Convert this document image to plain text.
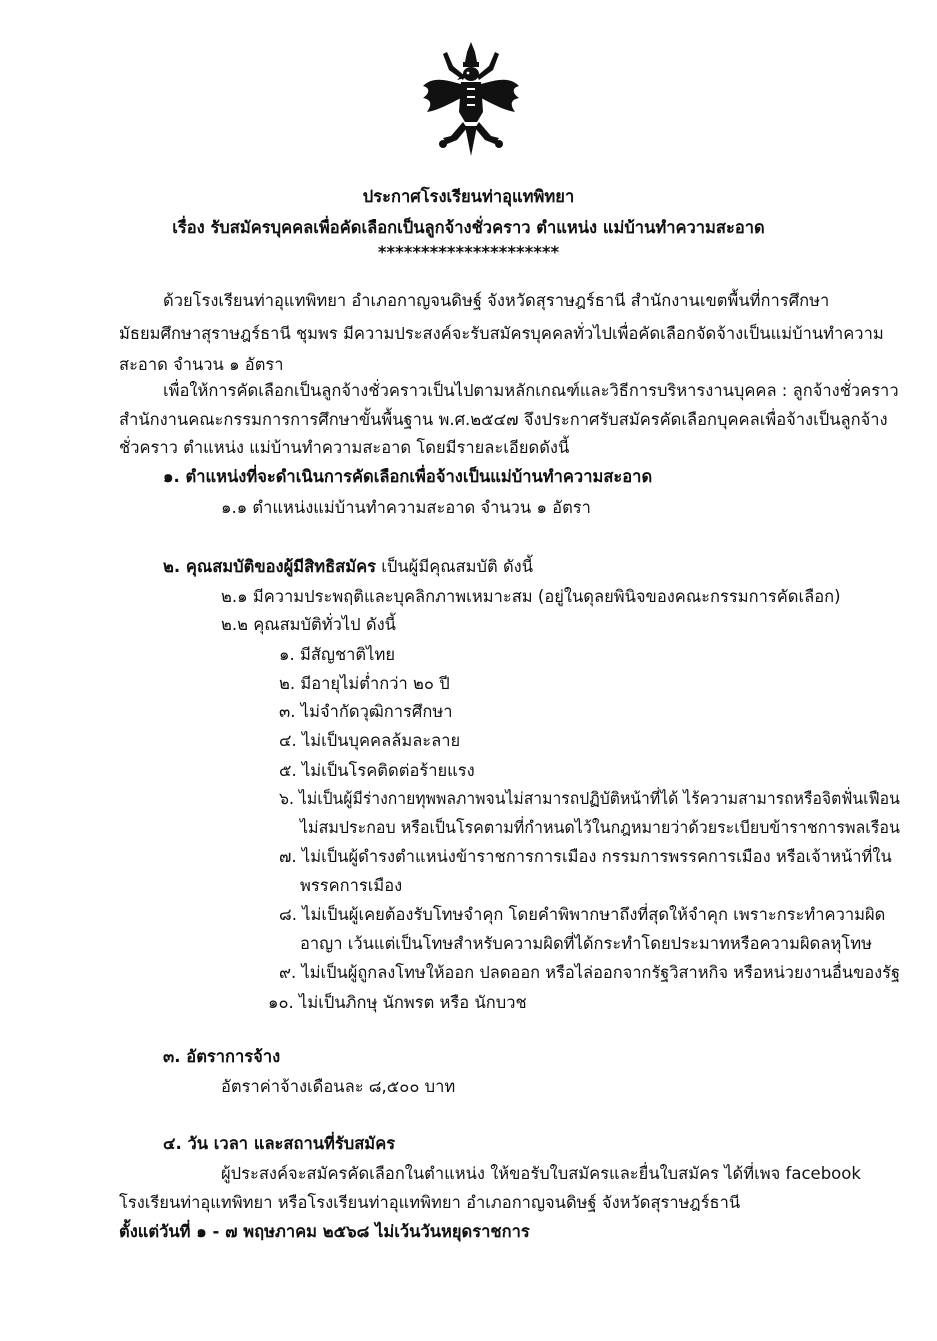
ประกาศโรงเรียนท่าอุแทพิทยา
เรื่อง รับสมัครบุคคลเพื่อคัดเลือกเป็นลูกจ้างชั่วคราว ตำแหน่ง แม่บ้านทำความสะอาด
*********************
ด้วยโรงเรียนท่าอุแทพิทยา อำเภอกาญจนดิษฐ์ จังหวัดสุราษฎร์ธานี สำนักงานเขตพื้นที่การศึกษา
มัธยมศึกษาสุราษฎร์ธานี ชุมพร มีความประสงค์จะรับสมัครบุคคลทั่วไปเพื่อคัดเลือกจัดจ้างเป็นแม่บ้านทำความ
สะอาด จำนวน ๑ อัตรา
เพื่อให้การคัดเลือกเป็นลูกจ้างชั่วคราวเป็นไปตามหลักเกณฑ์และวิธีการบริหารงานบุคคล : ลูกจ้างชั่วคราว
สำนักงานคณะกรรมการการศึกษาขั้นพื้นฐาน พ.ศ.๒๕๔๗ จึงประกาศรับสมัครคัดเลือกบุคคลเพื่อจ้างเป็นลูกจ้าง
ชั่วคราว ตำแหน่ง แม่บ้านทำความสะอาด โดยมีรายละเอียดดังนี้
๑. ตำแหน่งที่จะดำเนินการคัดเลือกเพื่อจ้างเป็นแม่บ้านทำความสะอาด
๑.๑ ตำแหน่งแม่บ้านทำความสะอาด จำนวน ๑ อัตรา
๒. คุณสมบัติของผู้มีสิทธิสมัคร เป็นผู้มีคุณสมบัติ ดังนี้
๒.๑ มีความประพฤติและบุคลิกภาพเหมาะสม (อยู่ในดุลยพินิจของคณะกรรมการคัดเลือก)
๒.๒ คุณสมบัติทั่วไป ดังนี้
๑. มีสัญชาติไทย
๒. มีอายุไม่ต่ำกว่า ๒๐ ปี
๓. ไม่จำกัดวุฒิการศึกษา
๔. ไม่เป็นบุคคลล้มละลาย
๕. ไม่เป็นโรคติดต่อร้ายแรง
๖. ไม่เป็นผู้มีร่างกายทุพพลภาพจนไม่สามารถปฏิบัติหน้าที่ได้ ไร้ความสามารถหรือจิตฟั่นเฟือน
ไม่สมประกอบ หรือเป็นโรคตามที่กำหนดไว้ในกฎหมายว่าด้วยระเบียบข้าราชการพลเรือน
๗. ไม่เป็นผู้ดำรงตำแหน่งข้าราชการการเมือง กรรมการพรรคการเมือง หรือเจ้าหน้าที่ใน
พรรคการเมือง
๘. ไม่เป็นผู้เคยต้องรับโทษจำคุก โดยคำพิพากษาถึงที่สุดให้จำคุก เพราะกระทำความผิด
อาญา เว้นแต่เป็นโทษสำหรับความผิดที่ได้กระทำโดยประมาทหรือความผิดลหุโทษ
๙. ไม่เป็นผู้ถูกลงโทษให้ออก ปลดออก หรือไล่ออกจากรัฐวิสาหกิจ หรือหน่วยงานอื่นของรัฐ
๑๐. ไม่เป็นภิกษุ นักพรต หรือ นักบวช
๓. อัตราการจ้าง
อัตราค่าจ้างเดือนละ ๘,๕๐๐ บาท
๔. วัน เวลา และสถานที่รับสมัคร
ผู้ประสงค์จะสมัครคัดเลือกในตำแหน่ง ให้ขอรับใบสมัครและยื่นใบสมัคร ได้ที่เพจ facebook
โรงเรียนท่าอุแทพิทยา หรือโรงเรียนท่าอุแทพิทยา อำเภอกาญจนดิษฐ์ จังหวัดสุราษฎร์ธานี
ตั้งแต่วันที่ ๑ - ๗ พฤษภาคม ๒๕๖๘ ไม่เว้นวันหยุดราชการ
